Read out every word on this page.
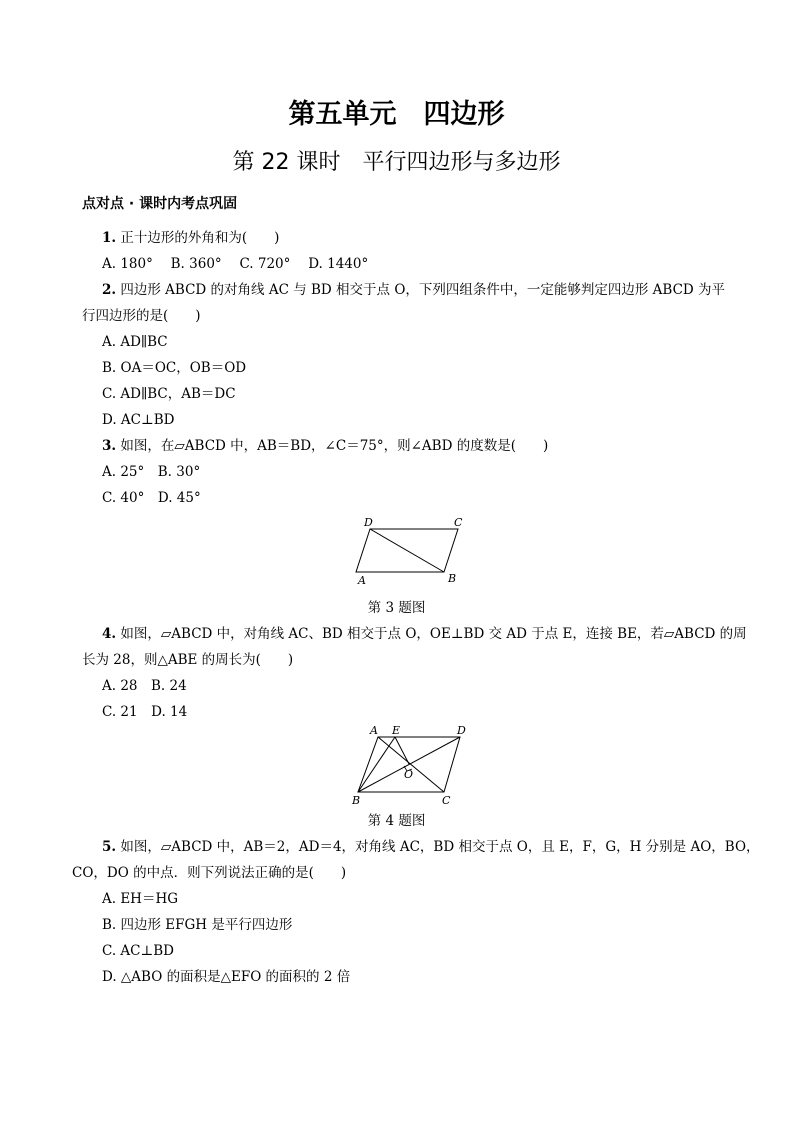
第五单元　四边形
第 22 课时　平行四边形与多边形
点对点 · 课时内考点巩固
1. 正十边形的外角和为(　　)
A. 180°　 B. 360°　 C. 720°　 D. 1440°
2. 四边形 ABCD 的对角线 AC 与 BD 相交于点 O，下列四组条件中，一定能够判定四边形 ABCD 为平
行四边形的是(　　)
A. AD∥BC
B. OA＝OC，OB＝OD
C. AD∥BC，AB＝DC
D. AC⊥BD
3. 如图，在▱ABCD 中，AB＝BD，∠C＝75°，则∠ABD 的度数是(　　)
A. 25°　B. 30°
C. 40°　D. 45°
D	C
A	B
第 3 题图
4. 如图，▱ABCD 中，对角线 AC、BD 相交于点 O，OE⊥BD 交 AD 于点 E，连接 BE，若▱ABCD 的周
长为 28，则△ABE 的周长为(　　)
A. 28　B. 24
C. 21　D. 14
A E	D
O
B	C
第 4 题图
5. 如图，▱ABCD 中，AB＝2，AD＝4，对角线 AC，BD 相交于点 O，且 E，F，G，H 分别是 AO，BO，
CO，DO 的中点．则下列说法正确的是(　　)
A. EH＝HG
B. 四边形 EFGH 是平行四边形
C. AC⊥BD
D. △ABO 的面积是△EFO 的面积的 2 倍
